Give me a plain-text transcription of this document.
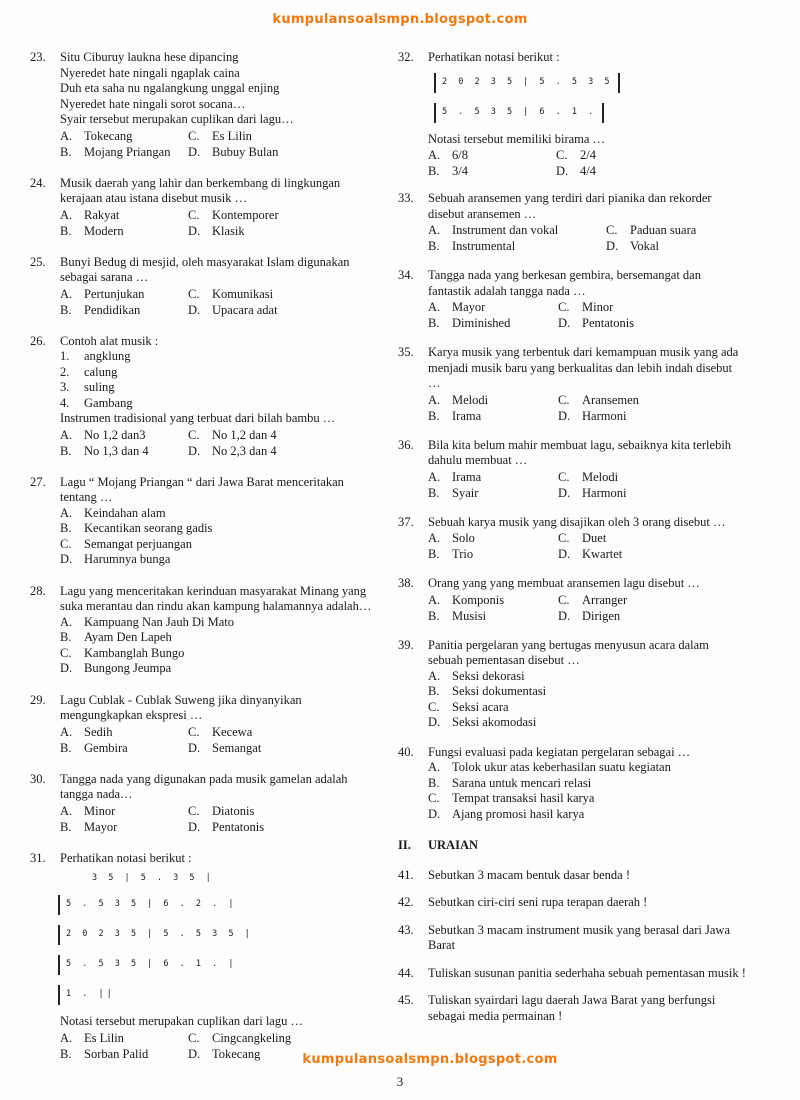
kumpulansoalsmpn.blogspot.com
23. Situ Ciburuy laukna hese dipancing

Nyeredet hate ningali ngaplak caina

Duh eta saha nu ngalangkung unggal enjing

Nyeredet hate ningali sorot socana…

Syair tersebut merupakan cuplikan dari lagu…

A. Tokecang	C. Es Lilin
B. Mojang Priangan	D. Bubuy Bulan
24. Musik daerah yang lahir dan berkembang di lingkungan kerajaan atau istana disebut musik …

A. Rakyat	C. Kontemporer
B. Modern	D. Klasik
25. Bunyi Bedug di mesjid, oleh masyarakat Islam digunakan sebagai sarana …

A. Pertunjukan	C. Komunikasi
B. Pendidikan	D. Upacara adat
26. Contoh alat musik :

1. angklung
2. calung
3. suling
4. Gambang

Instrumen tradisional yang terbuat dari bilah bambu …

A. No 1,2 dan3	C. No 1,2 dan 4
B. No 1,3 dan 4	D. No 2,3 dan 4
27. Lagu “ Mojang Priangan “ dari Jawa Barat menceritakan tentang …

A. Keindahan alam
B. Kecantikan seorang gadis
C. Semangat perjuangan
D. Harumnya bunga
28. Lagu yang menceritakan kerinduan masyarakat Minang yang suka merantau dan rindu akan kampung halamannya adalah…

A. Kampuang Nan Jauh Di Mato
B. Ayam Den Lapeh
C. Kambanglah Bungo
D. Bungong Jeumpa
29. Lagu Cublak - Cublak Suweng jika dinyanyikan mengungkapkan ekspresi …

A. Sedih	C. Kecewa
B. Gembira	D. Semangat
30. Tangga nada yang digunakan pada musik gamelan adalah tangga nada…

A. Minor	C. Diatonis
B. Mayor	D. Pentatonis
31. Perhatikan notasi berikut :

3 5 | 5 . 3 5 |
5 . 5 3 5 | 6 . 2 . |
2 0 2 3 5 | 5 . 5 3 5 |
5 . 5 3 5 | 6 . 1 . |
1 . ||

Notasi tersebut merupakan cuplikan dari lagu …

A. Es Lilin	C. Cingcangkeling
B. Sorban Palid	D. Tokecang
32. Perhatikan notasi berikut :

2 0 2 3 5 | 5 . 5 3 5
5 . 5 3 5 | 6 . 1 .

Notasi tersebut memiliki birama …

A. 6/8	C. 2/4
B. 3/4	D. 4/4
33. Sebuah aransemen yang terdiri dari pianika dan rekorder disebut aransemen …

A. Instrument dan vokal	C. Paduan suara
B. Instrumental	D. Vokal
34. Tangga nada yang berkesan gembira, bersemangat dan fantastik adalah tangga nada …

A. Mayor	C. Minor
B. Diminished	D. Pentatonis
35. Karya musik yang terbentuk dari kemampuan musik yang ada menjadi musik baru yang berkualitas dan lebih indah disebut …

A. Melodi	C. Aransemen
B. Irama	D. Harmoni
36. Bila kita belum mahir membuat lagu, sebaiknya kita terlebih dahulu membuat …

A. Irama	C. Melodi
B. Syair	D. Harmoni
37. Sebuah karya musik yang disajikan oleh 3 orang disebut …

A. Solo	C. Duet
B. Trio	D. Kwartet
38. Orang yang yang membuat aransemen lagu disebut …

A. Komponis	C. Arranger
B. Musisi	D. Dirigen
39. Panitia pergelaran yang bertugas menyusun acara dalam sebuah pementasan disebut …

A. Seksi dekorasi
B. Seksi dokumentasi
C. Seksi acara
D. Seksi akomodasi
40. Fungsi evaluasi pada kegiatan pergelaran sebagai …

A. Tolok ukur atas keberhasilan suatu kegiatan
B. Sarana untuk mencari relasi
C. Tempat transaksi hasil karya
D. Ajang promosi hasil karya
II. URAIAN
41. Sebutkan 3 macam bentuk dasar benda !

42. Sebutkan ciri-ciri seni rupa terapan daerah !

43. Sebutkan 3 macam instrument musik yang berasal dari Jawa Barat

44. Tuliskan susunan panitia sederhaha sebuah pementasan musik !

45. Tuliskan syairdari lagu daerah Jawa Barat yang berfungsi sebagai media permainan !

kumpulansoalsmpn.blogspot.com
3
